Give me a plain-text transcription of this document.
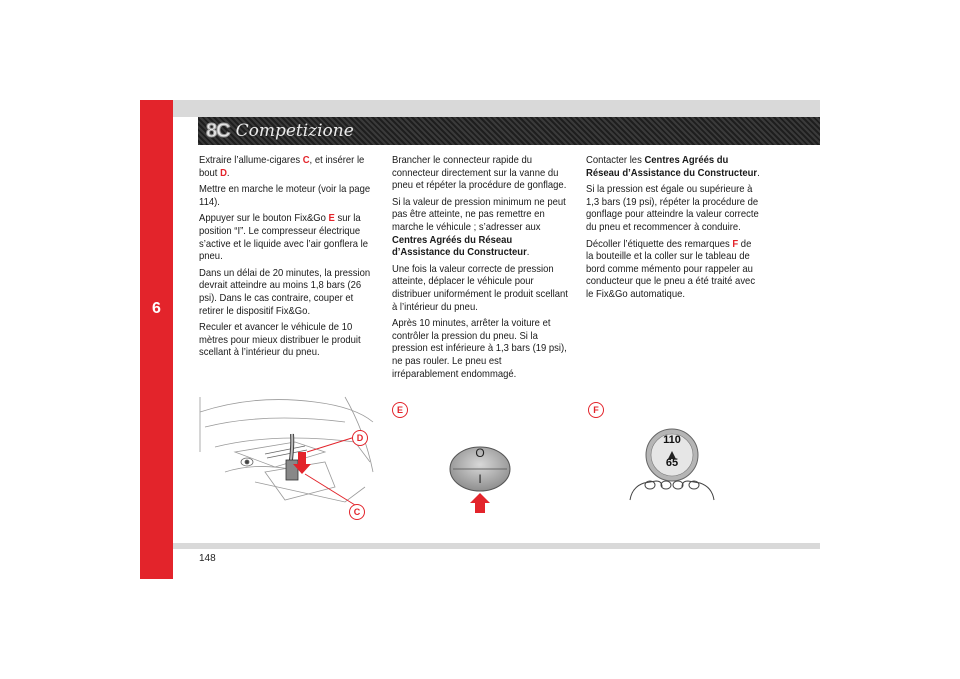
6
8C Competizione

Extraire l’allume-cigares C, et insérer le bout D.

Mettre en marche le moteur (voir la page 114).

Appuyer sur le bouton Fix&Go E sur la position “I”. Le compresseur électrique s’active et le liquide avec l’air gonflera le pneu.

Dans un délai de 20 minutes, la pression devrait atteindre au moins 1,8 bars (26 psi). Dans le cas contraire, couper et retirer le dispositif Fix&Go.

Reculer et avancer le véhicule de 10 mètres pour mieux distribuer le produit scellant à l’intérieur du pneu.

Brancher le connecteur rapide du connecteur directement sur la vanne du pneu et répéter la procédure de gonflage.

Si la valeur de pression minimum ne peut pas être atteinte, ne pas remettre en marche le véhicule ; s’adresser aux Centres Agréés du Réseau d’Assistance du Constructeur.

Une fois la valeur correcte de pression atteinte, déplacer le véhicule pour distribuer uniformément le produit scellant à l’intérieur du pneu.

Après 10 minutes, arrêter la voiture et contrôler la pression du pneu. Si la pression est inférieure à 1,3 bars (19 psi), ne pas rouler. Le pneu est irréparablement endommagé.

Contacter les Centres Agréés du Réseau d’Assistance du Constructeur.

Si la pression est égale ou supérieure à 1,3 bars (19 psi), répéter la procédure de gonflage pour atteindre la valeur correcte du pneu et recommencer à conduire.

Décoller l’étiquette des remarques F de la bouteille et la coller sur le tableau de bord comme mémento pour rappeler au conducteur que le pneu a été traité avec le Fix&Go automatique.

D
C
E
O
I
F
110
65
148
